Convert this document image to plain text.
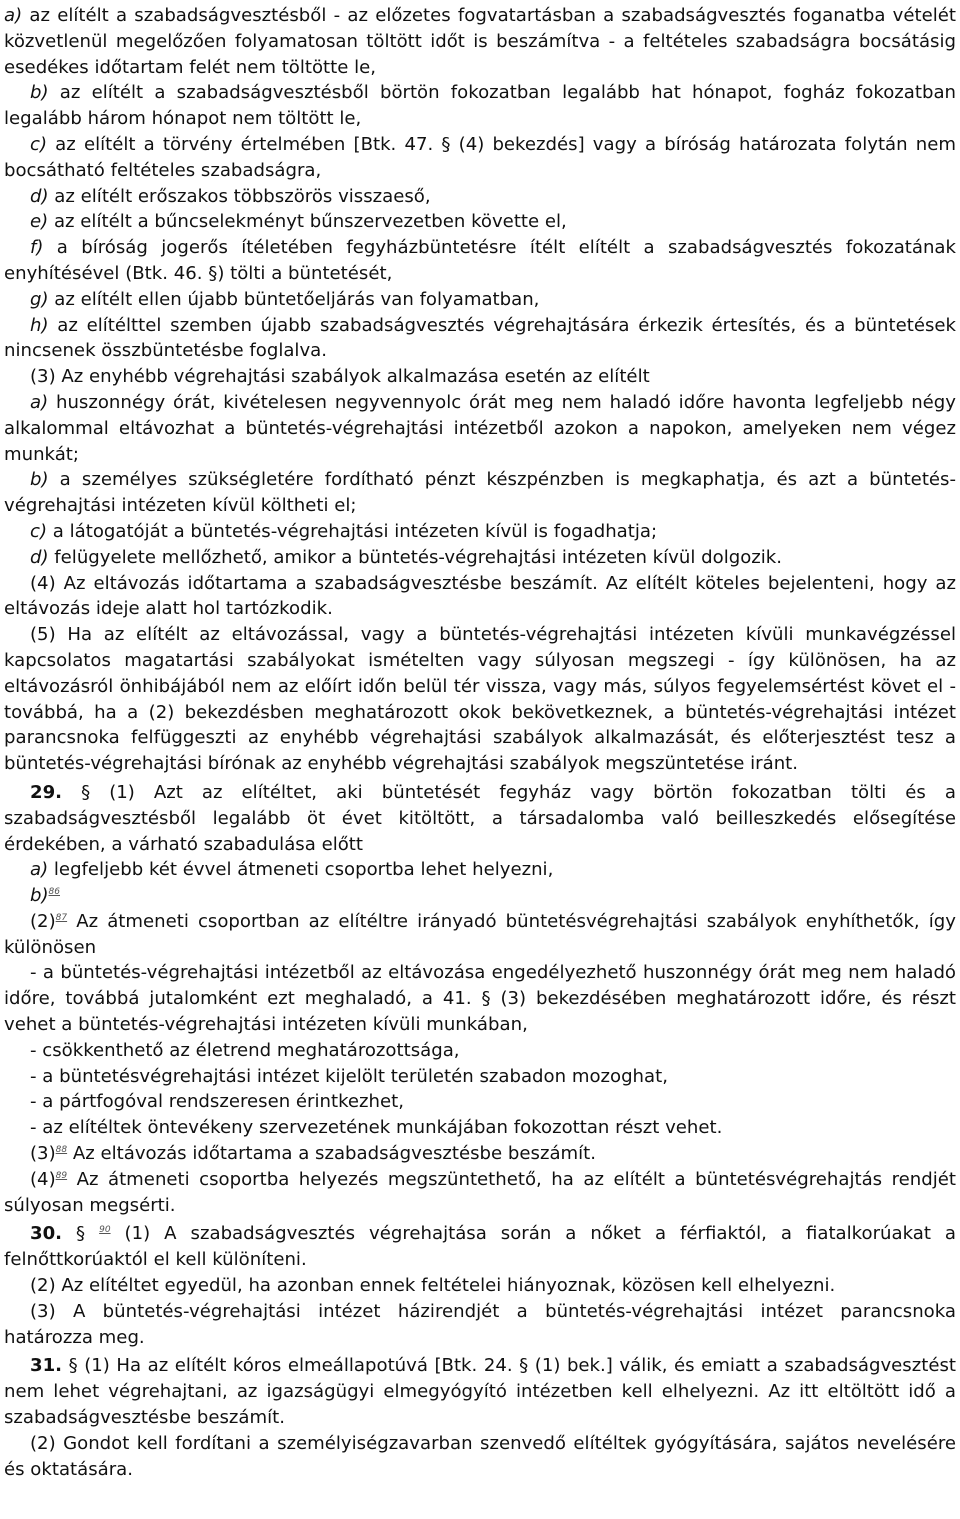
a) az elítélt a szabadságvesztésből - az előzetes fogvatartásban a szabadságvesztés foganatba vételét közvetlenül megelőzően folyamatosan töltött időt is beszámítva - a feltételes szabadságra bocsátásig esedékes időtartam felét nem töltötte le,

b) az elítélt a szabadságvesztésből börtön fokozatban legalább hat hónapot, fogház fokozatban legalább három hónapot nem töltött le,

c) az elítélt a törvény értelmében [Btk. 47. § (4) bekezdés] vagy a bíróság határozata folytán nem bocsátható feltételes szabadságra,

d) az elítélt erőszakos többszörös visszaeső,

e) az elítélt a bűncselekményt bűnszervezetben követte el,

f) a bíróság jogerős ítéletében fegyházbüntetésre ítélt elítélt a szabadságvesztés fokozatának enyhítésével (Btk. 46. §) tölti a büntetését,

g) az elítélt ellen újabb büntetőeljárás van folyamatban,

h) az elítélttel szemben újabb szabadságvesztés végrehajtására érkezik értesítés, és a büntetések nincsenek összbüntetésbe foglalva.

(3) Az enyhébb végrehajtási szabályok alkalmazása esetén az elítélt

a) huszonnégy órát, kivételesen negyvennyolc órát meg nem haladó időre havonta legfeljebb négy alkalommal eltávozhat a büntetés-végrehajtási intézetből azokon a napokon, amelyeken nem végez munkát;

b) a személyes szükségletére fordítható pénzt készpénzben is megkaphatja, és azt a büntetés-végrehajtási intézeten kívül költheti el;

c) a látogatóját a büntetés-végrehajtási intézeten kívül is fogadhatja;

d) felügyelete mellőzhető, amikor a büntetés-végrehajtási intézeten kívül dolgozik.

(4) Az eltávozás időtartama a szabadságvesztésbe beszámít. Az elítélt köteles bejelenteni, hogy az eltávozás ideje alatt hol tartózkodik.

(5) Ha az elítélt az eltávozással, vagy a büntetés-végrehajtási intézeten kívüli munkavégzéssel kapcsolatos magatartási szabályokat ismételten vagy súlyosan megszegi - így különösen, ha az eltávozásról önhibájából nem az előírt időn belül tér vissza, vagy más, súlyos fegyelemsértést követ el - továbbá, ha a (2) bekezdésben meghatározott okok bekövetkeznek, a büntetés-végrehajtási intézet parancsnoka felfüggeszti az enyhébb végrehajtási szabályok alkalmazását, és előterjesztést tesz a büntetés-végrehajtási bírónak az enyhébb végrehajtási szabályok megszüntetése iránt.

29. § (1) Azt az elítéltet, aki büntetését fegyház vagy börtön fokozatban tölti és a szabadságvesztésből legalább öt évet kitöltött, a társadalomba való beilleszkedés elősegítése érdekében, a várható szabadulása előtt

a) legfeljebb két évvel átmeneti csoportba lehet helyezni,

b)$^{86}$

$(2)^{87}$ Az átmeneti csoportban az elítéltre irányadó büntetésvégrehajtási szabályok enyhíthetők, így különösen

- a büntetés-végrehajtási intézetből az eltávozása engedélyezhető huszonnégy órát meg nem haladó időre, továbbá jutalomként ezt meghaladó, a 41. § (3) bekezdésében meghatározott időre, és részt vehet a büntetés-végrehajtási intézeten kívüli munkában,

- csökkenthető az életrend meghatározottsága,

- a büntetésvégrehajtási intézet kijelölt területén szabadon mozoghat,

- a pártfogóval rendszeresen érintkezhet,

- az elítéltek öntevékeny szervezetének munkájában fokozottan részt vehet.

$(3)^{88}$ Az eltávozás időtartama a szabadságvesztésbe beszámít.

$(4)^{89}$ Az átmeneti csoportba helyezés megszüntethető, ha az elítélt a büntetésvégrehajtás rendjét súlyosan megsérti.

30. § $^{90}$ (1) A szabadságvesztés végrehajtása során a nőket a férfiaktól, a fiatalkorúakat a felnőttkorúaktól el kell különíteni.

(2) Az elítéltet egyedül, ha azonban ennek feltételei hiányoznak, közösen kell elhelyezni.

(3) A büntetés-végrehajtási intézet házirendjét a büntetés-végrehajtási intézet parancsnoka határozza meg.

31. § (1) Ha az elítélt kóros elmeállapotúvá [Btk. 24. § (1) bek.] válik, és emiatt a szabadságvesztést nem lehet végrehajtani, az igazságügyi elmegyógyító intézetben kell elhelyezni. Az itt eltöltött idő a szabadságvesztésbe beszámít.

(2) Gondot kell fordítani a személyiségzavarban szenvedő elítéltek gyógyítására, sajátos nevelésére és oktatására.
